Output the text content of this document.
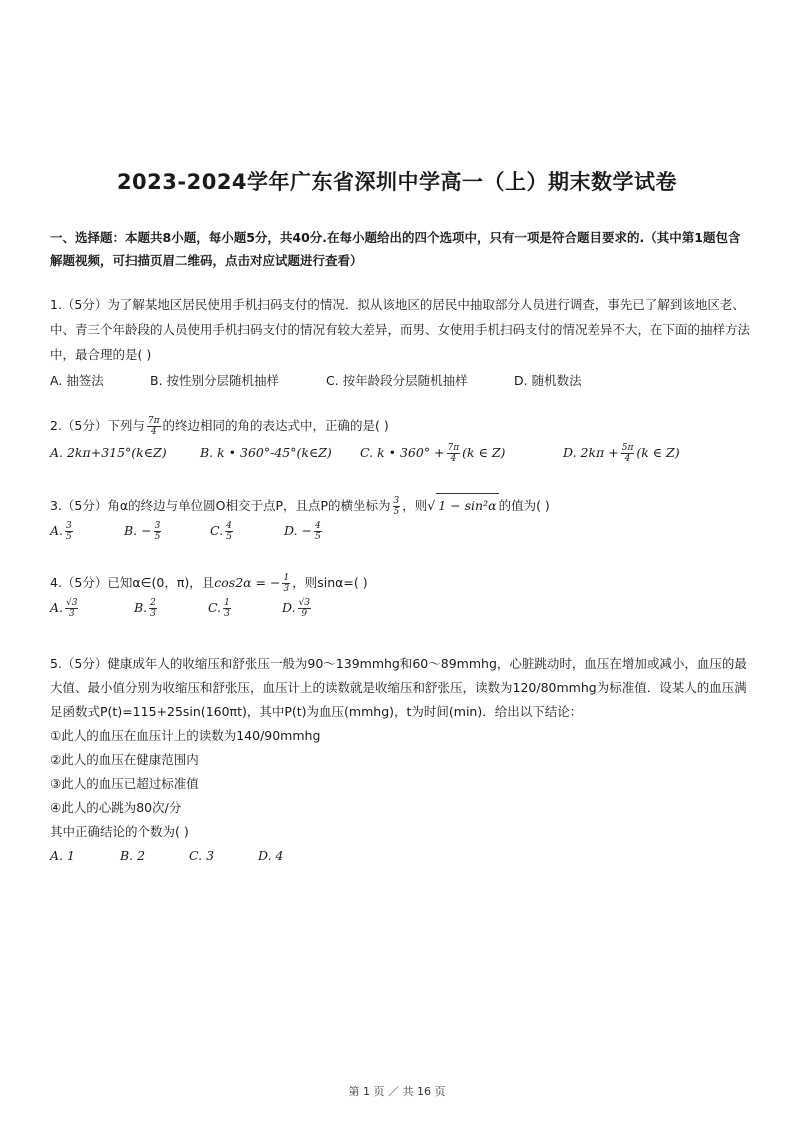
2023-2024学年广东省深圳中学高一（上）期末数学试卷
一、选择题：本题共8小题，每小题5分，共40分.在每小题给出的四个选项中，只有一项是符合题目要求的.（其中第1题包含解题视频，可扫描页眉二维码，点击对应试题进行查看）

1.（5分）为了解某地区居民使用手机扫码支付的情况．拟从该地区的居民中抽取部分人员进行调查，事先已了解到该地区老、中、青三个年龄段的人员使用手机扫码支付的情况有较大差异，而男、女使用手机扫码支付的情况差异不大，在下面的抽样方法中，最合理的是( )

A. 抽签法	B. 按性别分层随机抽样	C. 按年龄段分层随机抽样	D. 随机数法

2.（5分）下列与 $\frac{7\pi}{4}$ 的终边相同的角的表达式中，正确的是( )

A. 2kπ+315°(k∈Z)	B. k • 360°-45°(k∈Z) C. k • $360^\circ + \frac{7\pi}{4} (k$ ∈ Z)	D. $2k\pi + \frac{5\pi}{4} (k$ ∈ Z)

3.（5分）角α的终边与单位圆O相交于点P，且点P的横坐标为 $\frac{3}{5}$ ，则√ 1 − sin²α 的值为( )

A. $\frac{3}{5}$	B. − $\frac{3}{5}$	C. $\frac{4}{5}$	D. − $\frac{4}{5}$

4.（5分）已知α∈(0，π)，且cos2α = − $\frac{1}{3}$ ，则sinα=( )

A. $\frac{√3}{3}$	B. $\frac{2}{3}$	C. $\frac{1}{3}$	D. $\frac{√3}{9}$

5.（5分）健康成年人的收缩压和舒张压一般为90～139mmhg和60～89mmhg，心脏跳动时，血压在增加或减小，血压的最大值、最小值分别为收缩压和舒张压，血压计上的读数就是收缩压和舒张压，读数为120/80mmhg为标准值．设某人的血压满足函数式P(t)=115+25sin(160πt)，其中P(t)为血压(mmhg)，t为时间(min)．给出以下结论：

①此人的血压在血压计上的读数为140/90mmhg

②此人的血压在健康范围内

③此人的血压已超过标准值

④此人的心跳为80次/分

其中正确结论的个数为( )

A. 1	B. 2	C. 3	D. 4
第 1 页 ／ 共 16 页
